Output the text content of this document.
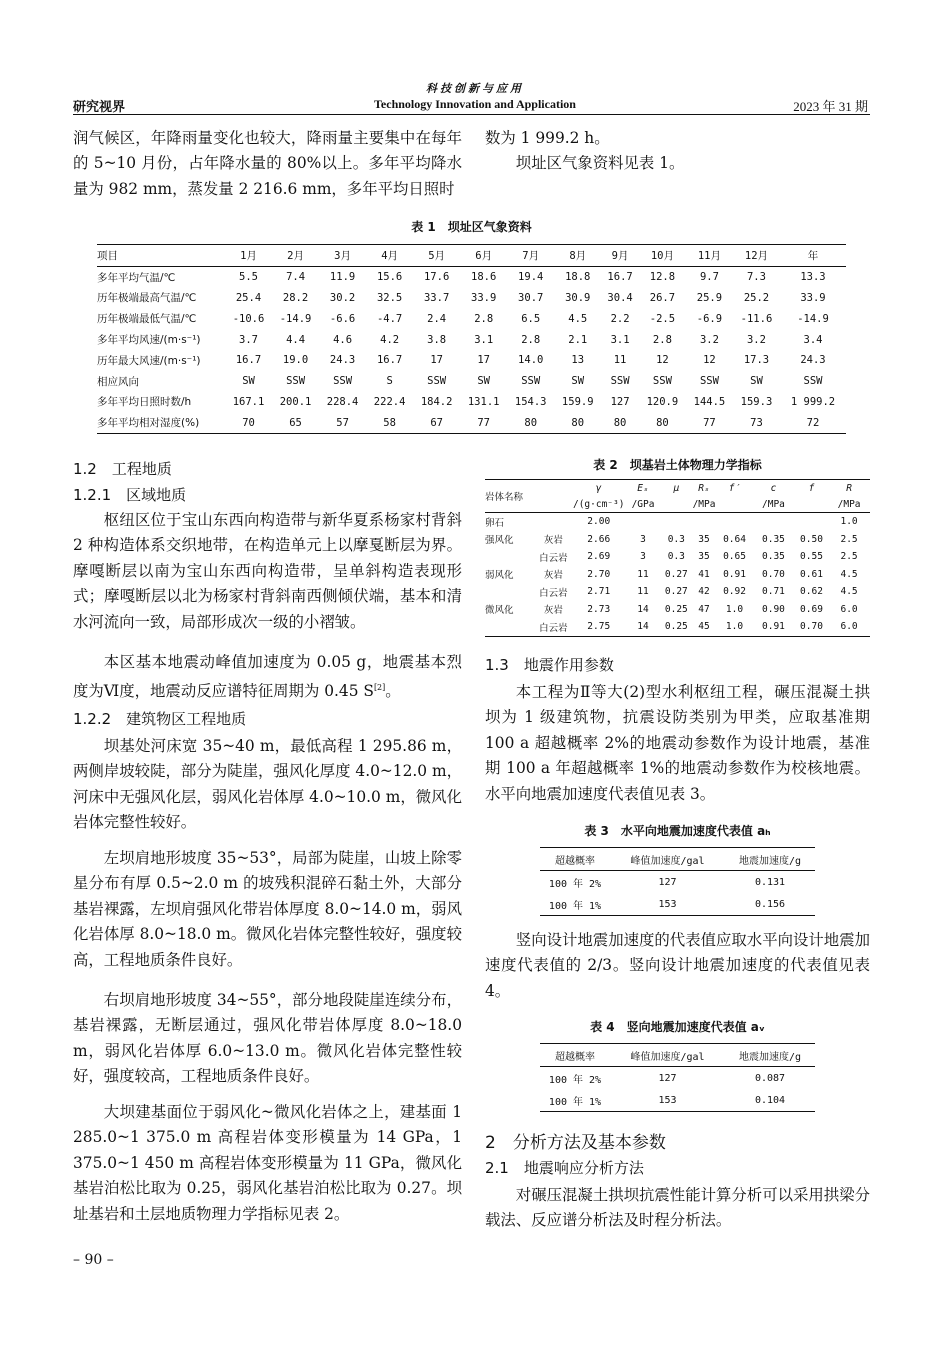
科技创新与应用
Technology Innovation and Application
研究视界	2023 年 31 期

润气候区，年降雨量变化也较大，降雨量主要集中在每年的 5~10 月份，占年降水量的 80%以上。多年平均降水量为 982 mm，蒸发量 2 216.6 mm，多年平均日照时

数为 1 999.2 h。

坝址区气象资料见表 1。

表 1　坝址区气象资料
项目	1月	2月	3月	4月	5月	6月	7月	8月	9月	10月	11月	12月	年
多年平均气温/℃	5.5	7.4	11.9	15.6	17.6	18.6	19.4	18.8	16.7	12.8	9.7	7.3	13.3
历年极端最高气温/℃	25.4	28.2	30.2	32.5	33.7	33.9	30.7	30.9	30.4	26.7	25.9	25.2	33.9
历年极端最低气温/℃	-10.6	-14.9	-6.6	-4.7	2.4	2.8	6.5	4.5	2.2	-2.5	-6.9	-11.6	-14.9
多年平均风速/(m·s⁻¹)	3.7	4.4	4.6	4.2	3.8	3.1	2.8	2.1	3.1	2.8	3.2	3.2	3.4
历年最大风速/(m·s⁻¹)	16.7	19.0	24.3	16.7	17	17	14.0	13	11	12	12	17.3	24.3
相应风向	SW	SSW	SSW	S	SSW	SW	SSW	SW	SSW	SSW	SSW	SW	SSW
多年平均日照时数/h	167.1	200.1	228.4	222.4	184.2	131.1	154.3	159.9	127	120.9	144.5	159.3	1 999.2
多年平均相对湿度(%)	70	65	57	58	67	77	80	80	80	80	77	73	72
1.2　工程地质
1.2.1　区域地质

枢纽区位于宝山东西向构造带与新华夏系杨家村背斜 2 种构造体系交织地带，在构造单元上以摩戛断层为界。摩嘎断层以南为宝山东西向构造带，呈单斜构造表现形式；摩嘎断层以北为杨家村背斜南西侧倾伏端，基本和清水河流向一致，局部形成次一级的小褶皱。

本区基本地震动峰值加速度为 0.05 g，地震基本烈度为Ⅵ度，地震动反应谱特征周期为 0.45 S[2]。

1.2.2　建筑物区工程地质

坝基处河床宽 35~40 m，最低高程 1 295.86 m，两侧岸坡较陡，部分为陡崖，强风化厚度 4.0~12.0 m，河床中无强风化层，弱风化岩体厚 4.0~10.0 m，微风化岩体完整性较好。

左坝肩地形坡度 35~53°，局部为陡崖，山坡上除零星分布有厚 0.5~2.0 m 的坡残积混碎石黏土外，大部分基岩裸露，左坝肩强风化带岩体厚度 8.0~14.0 m，弱风化岩体厚 8.0~18.0 m。微风化岩体完整性较好，强度较高，工程地质条件良好。

右坝肩地形坡度 34~55°，部分地段陡崖连续分布，基岩裸露，无断层通过，强风化带岩体厚度 8.0~18.0 m，弱风化岩体厚 6.0~13.0 m。微风化岩体完整性较好，强度较高，工程地质条件良好。

大坝建基面位于弱风化~微风化岩体之上，建基面 1 285.0~1 375.0 m 高程岩体变形模量为 14 GPa，1 375.0~1 450 m 高程岩体变形模量为 11 GPa，微风化基岩泊松比取为 0.25，弱风化基岩泊松比取为 0.27。坝址基岩和土层地质物理力学指标见表 2。

表 2　坝基岩土体物理力学指标
岩体名称		γ	Eₛ	μ	Rₛ	f′	c	f	R
		/(g·cm⁻³)	/GPa		/MPa		/MPa		/MPa
卵石		2.00							1.0
强风化	灰岩	2.66	3	0.3	35	0.64	0.35	0.50	2.5
	白云岩	2.69	3	0.3	35	0.65	0.35	0.55	2.5
弱风化	灰岩	2.70	11	0.27	41	0.91	0.70	0.61	4.5
	白云岩	2.71	11	0.27	42	0.92	0.71	0.62	4.5
微风化	灰岩	2.73	14	0.25	47	1.0	0.90	0.69	6.0
	白云岩	2.75	14	0.25	45	1.0	0.91	0.70	6.0
1.3　地震作用参数

本工程为Ⅱ等大(2)型水利枢纽工程，碾压混凝土拱坝为 1 级建筑物，抗震设防类别为甲类，应取基准期 100 a 超越概率 2%的地震动参数作为设计地震，基准期 100 a 年超越概率 1%的地震动参数作为校核地震。水平向地震加速度代表值见表 3。

表 3　水平向地震加速度代表值 aₕ
超越概率	峰值加速度/gal	地震加速度/g
100 年 2%	127	0.131
100 年 1%	153	0.156

竖向设计地震加速度的代表值应取水平向设计地震加速度代表值的 2/3。竖向设计地震加速度的代表值见表 4。

表 4　竖向地震加速度代表值 aᵥ
超越概率	峰值加速度/gal	地震加速度/g
100 年 2%	127	0.087
100 年 1%	153	0.104
2　分析方法及基本参数
2.1　地震响应分析方法

对碾压混凝土拱坝抗震性能计算分析可以采用拱梁分载法、反应谱分析法及时程分析法。

– 90 –
